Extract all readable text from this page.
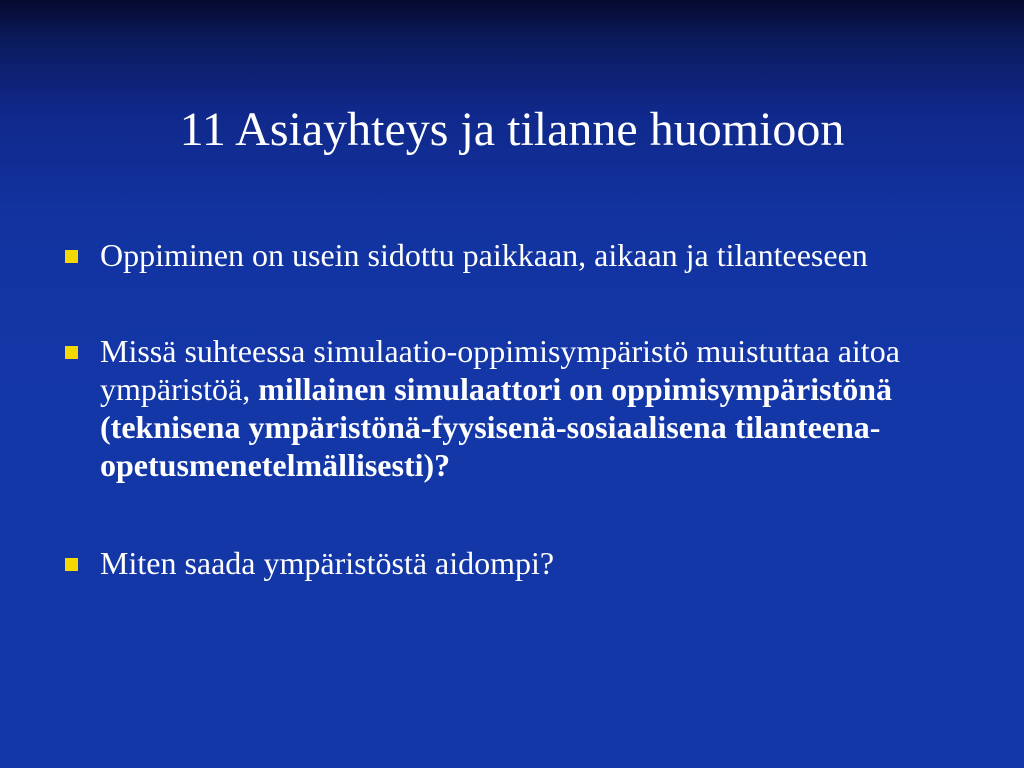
11 Asiayhteys ja tilanne huomioon
Oppiminen on usein sidottu paikkaan, aikaan ja tilanteeseen
Missä suhteessa simulaatio-oppimisympäristö muistuttaa aitoa ympäristöä, millainen simulaattori on oppimisympäristönä (teknisena ympäristönä-fyysisenä-sosiaalisena tilanteena-opetusmenetelmällisesti)?
Miten saada ympäristöstä aidompi?
